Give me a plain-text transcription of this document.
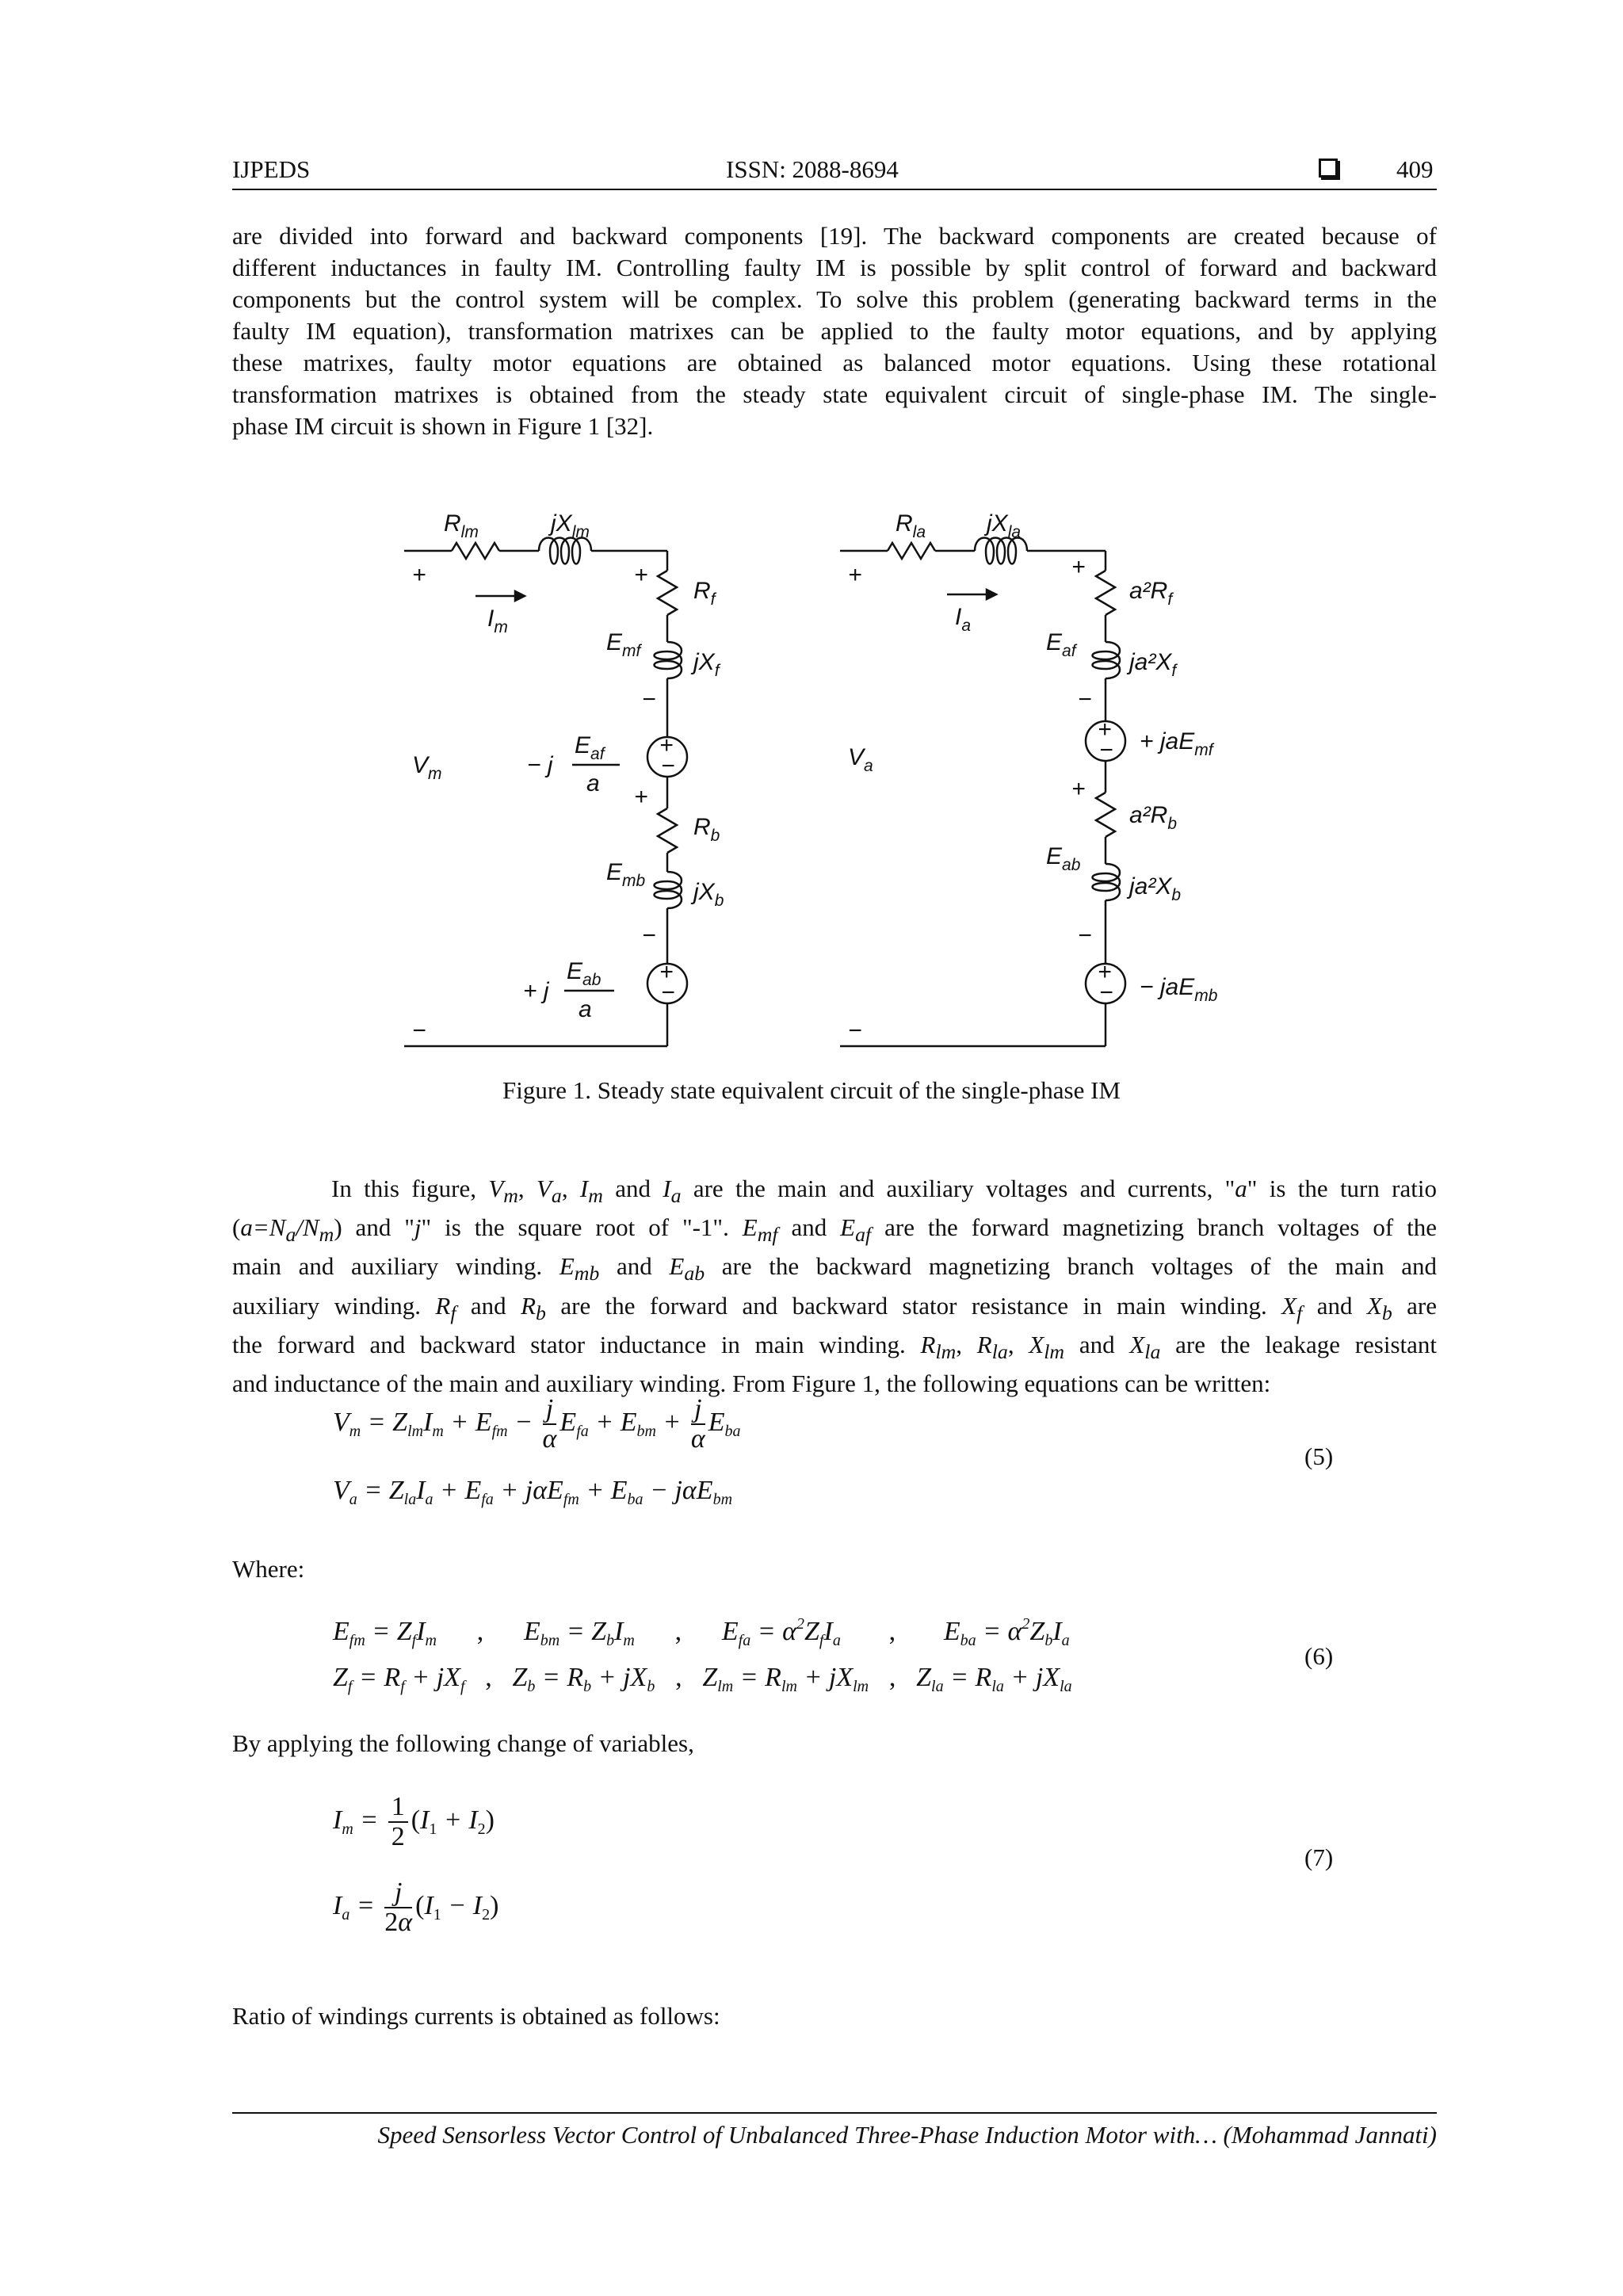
IJPEDS	ISSN: 2088-8694	409
are divided into forward and backward components [19]. The backward components are created because of
different inductances in faulty IM. Controlling faulty IM is possible by split control of forward and backward
components but the control system will be complex. To solve this problem (generating backward terms in the
faulty IM equation), transformation matrixes can be applied to the faulty motor equations, and by applying
these matrixes, faulty motor equations are obtained as balanced motor equations. Using these rotational
transformation matrixes is obtained from the steady state equivalent circuit of single-phase IM. The single-
phase IM circuit is shown in Figure 1 [32].
$R_{lm}$	$jX_{lm}$
+	+
$I_m$
$R_f$
$E_{mf}$ $jX_f$
−
+
−
$V_m$	− j
$E_{af}$
a
+
$R_b$
$E_{mb}$ $jX_b$
−
+
−
+ j
$E_{ab}$
a
−
$R_{la}$	$jX_{la}$
+	+
$I_a$
$a^2R_f$
$E_{af}$ $ja^2X_f$
−
+
− + jaE$_{mf}$
$V_a$
+
$a^2R_b$
$E_{ab}$
$ja^2X_b$
−
+
− − jaE$_{mb}$
−
Figure 1. Steady state equivalent circuit of the single-phase IM
In this figure, $V_m$, $V_a$, $I_m$ and $I_a$ are the main and auxiliary voltages and currents, "a" is the turn ratio
$(a=N_a/N_m)$ and "j" is the square root of "-1". $E_{mf}$ and $E_{af}$ are the forward magnetizing branch voltages of the
main and auxiliary winding. $E_{mb}$ and $E_{ab}$ are the backward magnetizing branch voltages of the main and
auxiliary winding. $R_f$ and $R_b$ are the forward and backward stator resistance in main winding. $X_f$ and $X_b$ are
the forward and backward stator inductance in main winding. $R_{lm}$, $R_{la}$, $X_{lm}$ and $X_{la}$ are the leakage resistant
and inductance of the main and auxiliary winding. From Figure 1, the following equations can be written:
$V_m = Z_{lm}I_m + E_{fm} - \frac{j}{\alpha} E_{fa} + E_{bm} + \frac{j}{\alpha} E_{ba}$
$V_a = Z_{la}I_a + E_{fa} + j\alpha E_{fm} + E_{ba} - j\alpha E_{bm}$
(5)
Where:
$E_{fm} = Z_fI_m$ , $E_{bm} = Z_bI_m$ , $E_{fa} = \alpha^2Z_fI_a$ , $E_{ba} = \alpha^2Z_bI_a$
$Z_f = R_f + jX_f$ , $Z_b = R_b + jX_b$ , $Z_{lm} = R_{lm} + jX_{lm}$ , $Z_{la} = R_{la} + jX_{la}$
(6)
By applying the following change of variables,
$I_m = \frac{1}{2} (I_1 + I_2)$
$I_a = \frac{j}{2\alpha} (I_1 - I_2)$
(7)
Ratio of windings currents is obtained as follows:
Speed Sensorless Vector Control of Unbalanced Three-Phase Induction Motor with… (Mohammad Jannati)
